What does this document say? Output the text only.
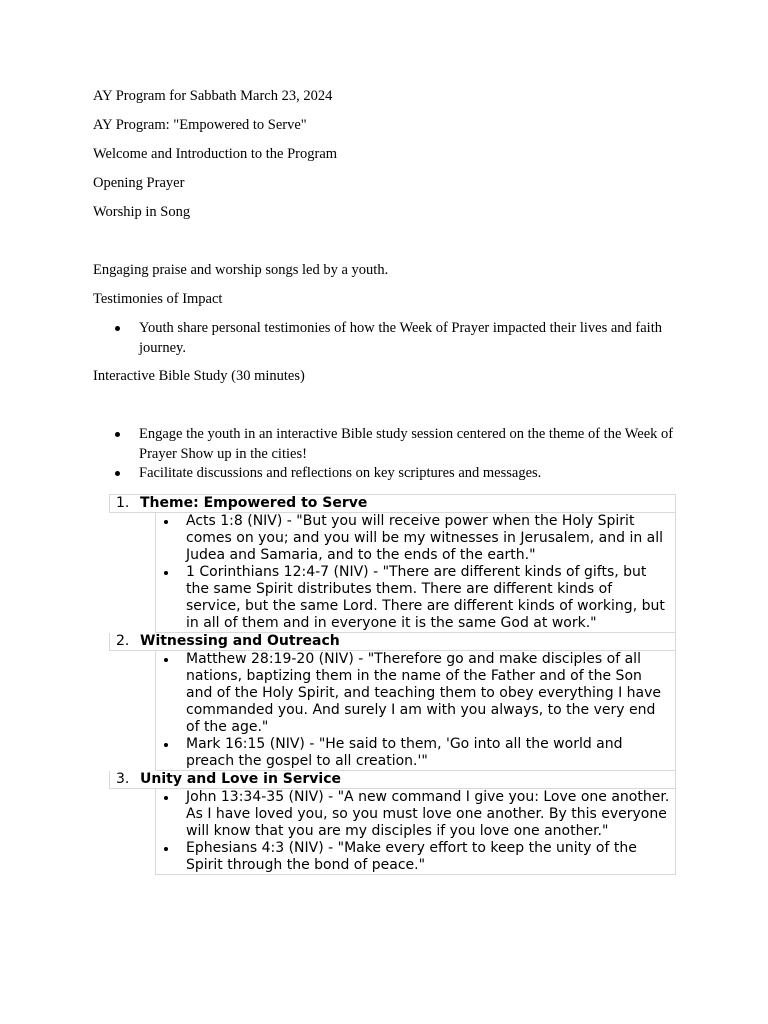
AY Program for Sabbath March 23, 2024

AY Program: "Empowered to Serve"

Welcome and Introduction to the Program

Opening Prayer

Worship in Song

Engaging praise and worship songs led by a youth.

Testimonies of Impact

Youth share personal testimonies of how the Week of Prayer impacted their lives and faith journey.

Interactive Bible Study (30 minutes)

Engage the youth in an interactive Bible study session centered on the theme of the Week of Prayer Show up in the cities!
Facilitate discussions and reflections on key scriptures and messages.
1. Theme: Empowered to Serve
Acts 1:8 (NIV) - "But you will receive power when the Holy Spirit comes on you; and you will be my witnesses in Jerusalem, and in all Judea and Samaria, and to the ends of the earth."
1 Corinthians 12:4-7 (NIV) - "There are different kinds of gifts, but the same Spirit distributes them. There are different kinds of service, but the same Lord. There are different kinds of working, but in all of them and in everyone it is the same God at work."
2. Witnessing and Outreach
Matthew 28:19-20 (NIV) - "Therefore go and make disciples of all nations, baptizing them in the name of the Father and of the Son and of the Holy Spirit, and teaching them to obey everything I have commanded you. And surely I am with you always, to the very end of the age."
Mark 16:15 (NIV) - "He said to them, 'Go into all the world and preach the gospel to all creation.'"
3. Unity and Love in Service
John 13:34-35 (NIV) - "A new command I give you: Love one another. As I have loved you, so you must love one another. By this everyone will know that you are my disciples if you love one another."
Ephesians 4:3 (NIV) - "Make every effort to keep the unity of the Spirit through the bond of peace."
